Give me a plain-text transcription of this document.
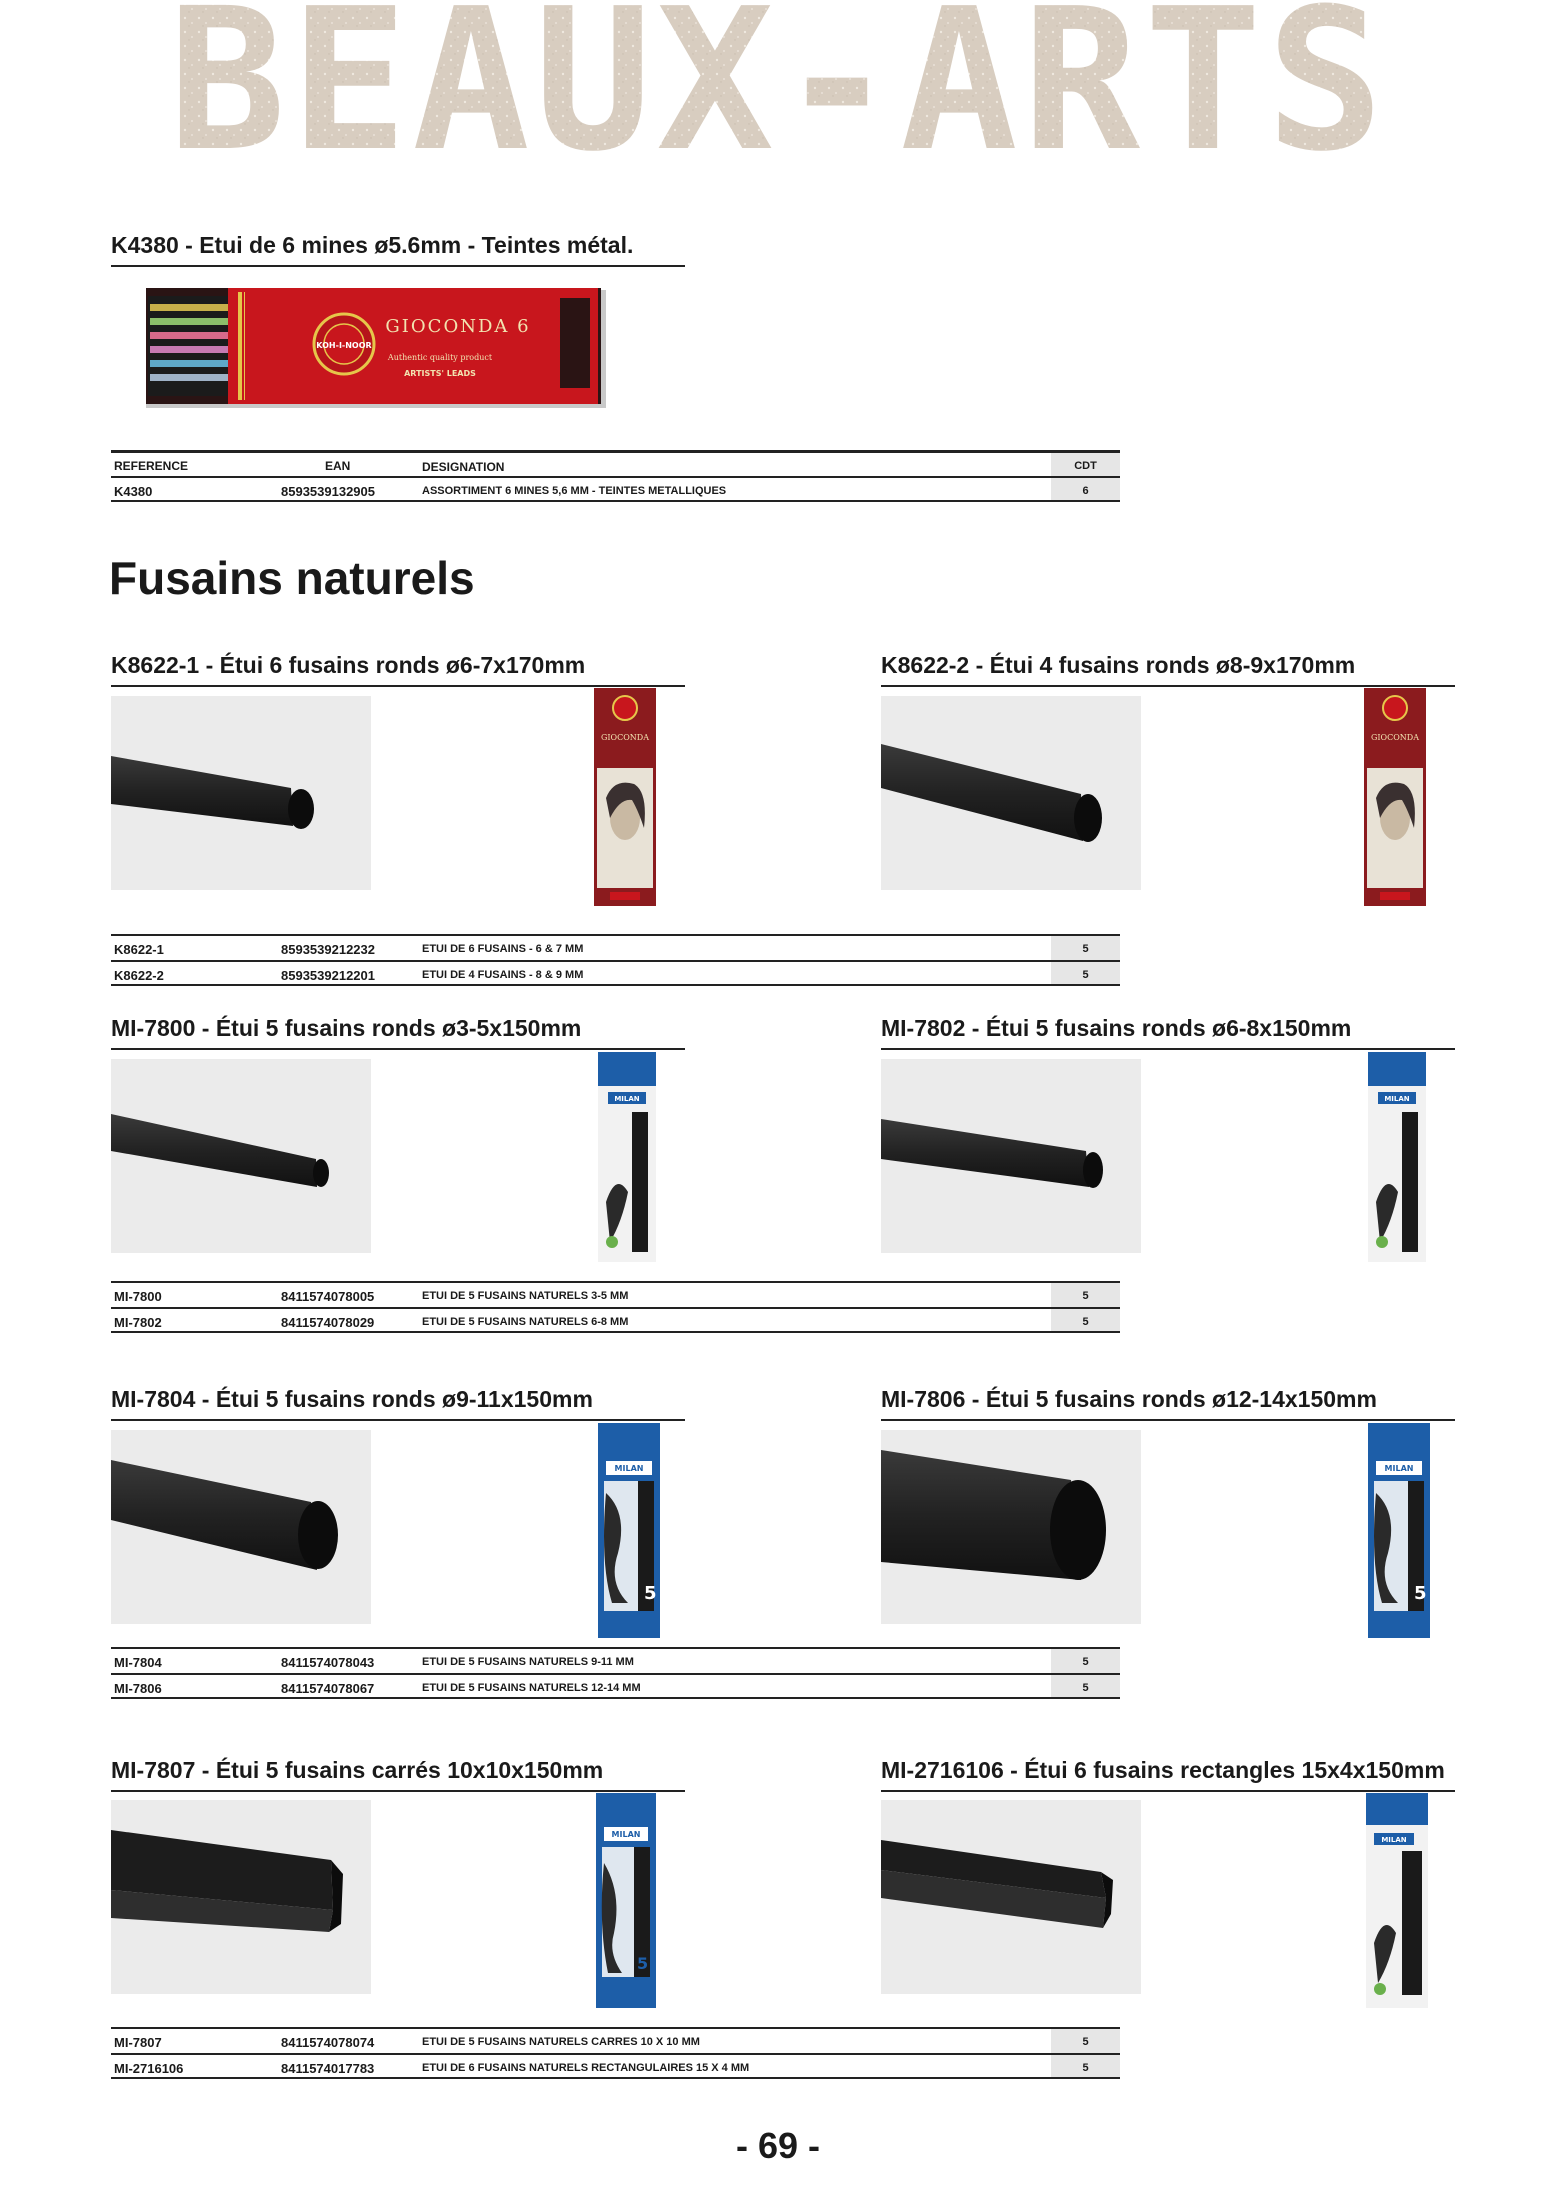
BEAUX-ARTS
K4380 - Etui de 6 mines ø5.6mm - Teintes métal.
KOH-I-NOOR
GIOCONDA 6
Authentic quality product
ARTISTS' LEADS
REFERENCE	EAN	DESIGNATION	CDT
K4380	8593539132905	ASSORTIMENT 6 MINES 5,6 MM - TEINTES METALLIQUES	6
Fusains naturels
K8622-1 - Étui 6 fusains ronds ø6-7x170mm	K8622-2 - Étui 4 fusains ronds ø8-9x170mm
GIOCONDA	GIOCONDA
K8622-1	8593539212232	ETUI DE 6 FUSAINS - 6 & 7 MM	5
K8622-2	8593539212201	ETUI DE 4 FUSAINS - 8 & 9 MM	5
MI-7800 - Étui 5 fusains ronds ø3-5x150mm	MI-7802 - Étui 5 fusains ronds ø6-8x150mm
MILAN	MILAN
MI-7800	8411574078005	ETUI DE 5 FUSAINS NATURELS 3-5 MM	5
MI-7802	8411574078029	ETUI DE 5 FUSAINS NATURELS 6-8 MM	5
MI-7804 - Étui 5 fusains ronds ø9-11x150mm	MI-7806 - Étui 5 fusains ronds ø12-14x150mm
MILAN
5
MILAN
5
MI-7804	8411574078043	ETUI DE 5 FUSAINS NATURELS 9-11 MM	5
MI-7806	8411574078067	ETUI DE 5 FUSAINS NATURELS 12-14 MM	5
MI-7807 - Étui 5 fusains carrés 10x10x150mm	MI-2716106 - Étui 6 fusains rectangles 15x4x150mm
MILAN
5
MILAN
MI-7807	8411574078074	ETUI DE 5 FUSAINS NATURELS CARRES 10 X 10 MM	5
MI-2716106	8411574017783	ETUI DE 6 FUSAINS NATURELS RECTANGULAIRES 15 X 4 MM	5
- 69 -
